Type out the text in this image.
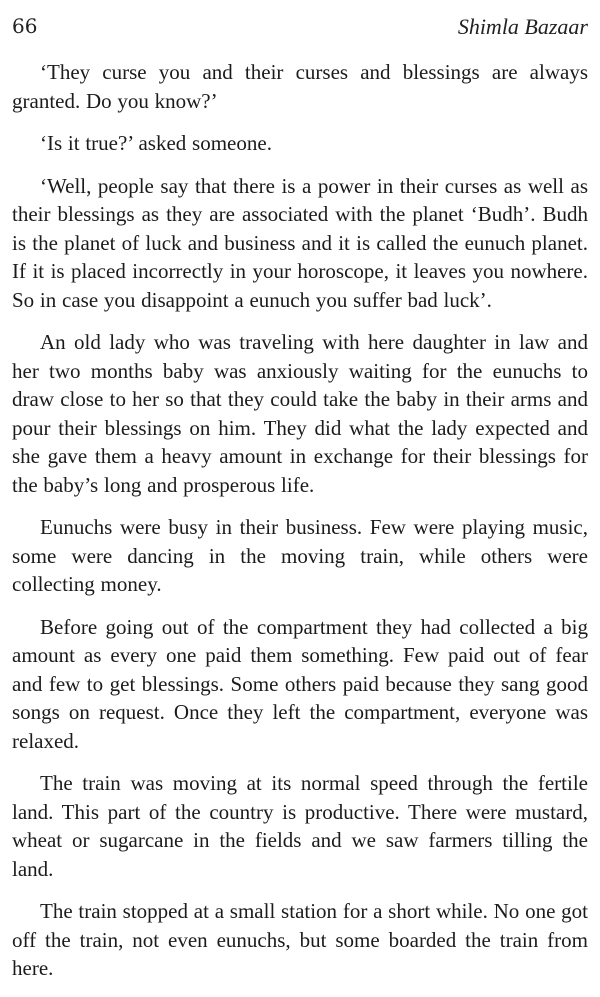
66	Shimla Bazaar

‘They curse you and their curses and blessings are always granted. Do you know?’

‘Is it true?’ asked someone.

‘Well, people say that there is a power in their curses as well as their blessings as they are associated with the planet ‘Budh’. Budh is the planet of luck and business and it is called the eunuch planet. If it is placed incorrectly in your horoscope, it leaves you nowhere. So in case you disappoint a eunuch you suffer bad luck’.

An old lady who was traveling with here daughter in law and her two months baby was anxiously waiting for the eunuchs to draw close to her so that they could take the baby in their arms and pour their blessings on him. They did what the lady expected and she gave them a heavy amount in exchange for their blessings for the baby’s long and prosperous life.

Eunuchs were busy in their business. Few were playing music, some were dancing in the moving train, while others were collecting money.

Before going out of the compartment they had collected a big amount as every one paid them something. Few paid out of fear and few to get blessings. Some others paid because they sang good songs on request. Once they left the compartment, everyone was relaxed.

The train was moving at its normal speed through the fertile land. This part of the country is productive. There were mustard, wheat or sugarcane in the fields and we saw farmers tilling the land.

The train stopped at a small station for a short while. No one got off the train, not even eunuchs, but some boarded the train from here.
